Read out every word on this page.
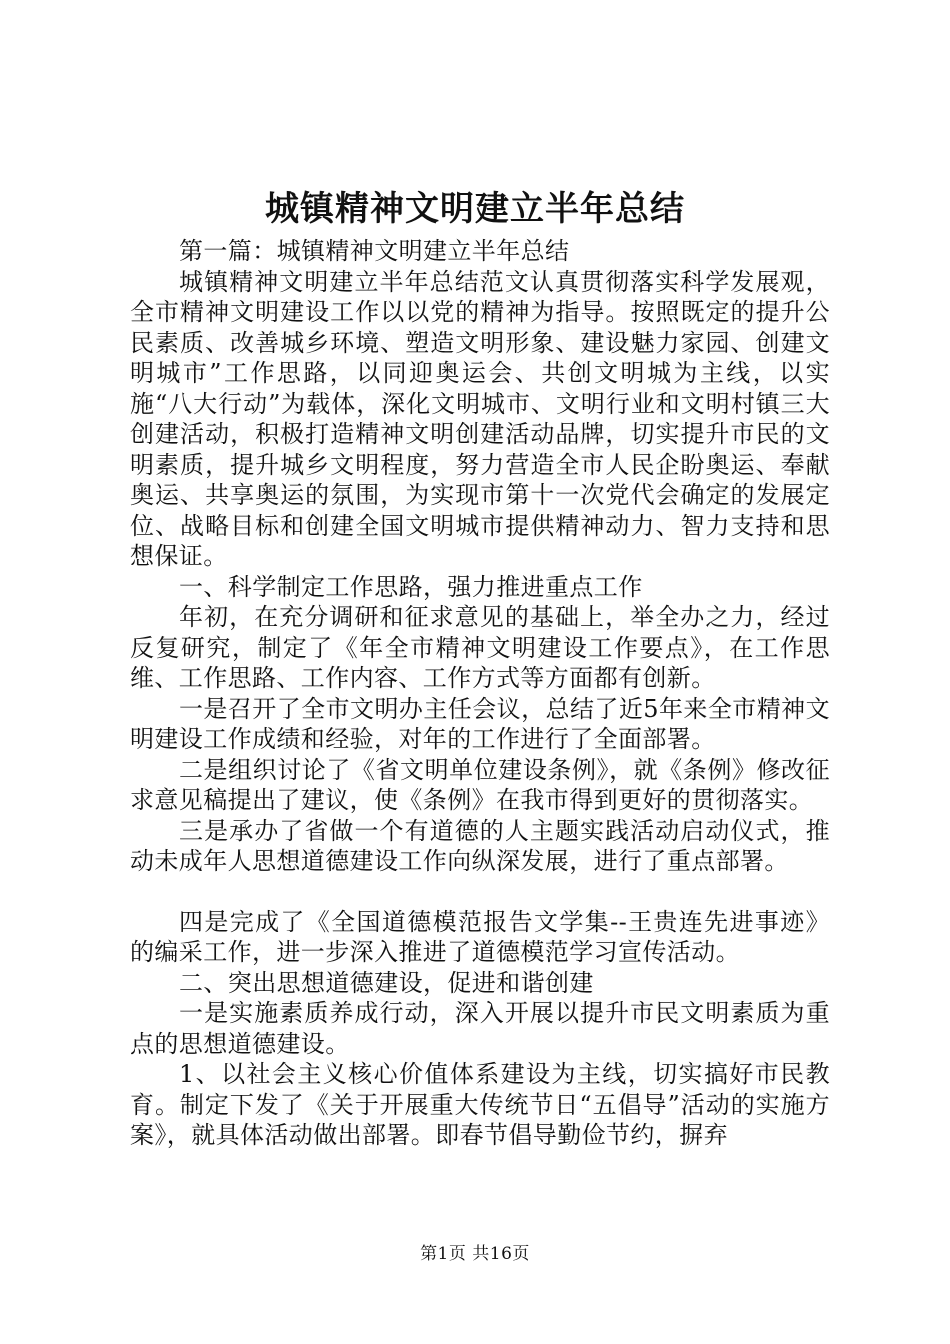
城镇精神文明建立半年总结

第一篇：城镇精神文明建立半年总结

城镇精神文明建立半年总结范文认真贯彻落实科学发展观，全市精神文明建设工作以以党的精神为指导。按照既定的提升公民素质、改善城乡环境、塑造文明形象、建设魅力家园、创建文明城市”工作思路，以同迎奥运会、共创文明城为主线，以实施“八大行动”为载体，深化文明城市、文明行业和文明村镇三大创建活动，积极打造精神文明创建活动品牌，切实提升市民的文明素质，提升城乡文明程度，努力营造全市人民企盼奥运、奉献奥运、共享奥运的氛围，为实现市第十一次党代会确定的发展定位、战略目标和创建全国文明城市提供精神动力、智力支持和思想保证。

一、科学制定工作思路，强力推进重点工作

年初，在充分调研和征求意见的基础上，举全办之力，经过反复研究，制定了《年全市精神文明建设工作要点》，在工作思维、工作思路、工作内容、工作方式等方面都有创新。

一是召开了全市文明办主任会议，总结了近5年来全市精神文明建设工作成绩和经验，对年的工作进行了全面部署。

二是组织讨论了《省文明单位建设条例》，就《条例》修改征求意见稿提出了建议，使《条例》在我市得到更好的贯彻落实。

三是承办了省做一个有道德的人主题实践活动启动仪式，推动未成年人思想道德建设工作向纵深发展，进行了重点部署。

四是完成了《全国道德模范报告文学集--王贵连先进事迹》的编采工作，进一步深入推进了道德模范学习宣传活动。

二、突出思想道德建设，促进和谐创建

一是实施素质养成行动，深入开展以提升市民文明素质为重点的思想道德建设。

1、以社会主义核心价值体系建设为主线，切实搞好市民教育。制定下发了《关于开展重大传统节日“五倡导”活动的实施方案》，就具体活动做出部署。即春节倡导勤俭节约，摒弃

第1页 共16页
